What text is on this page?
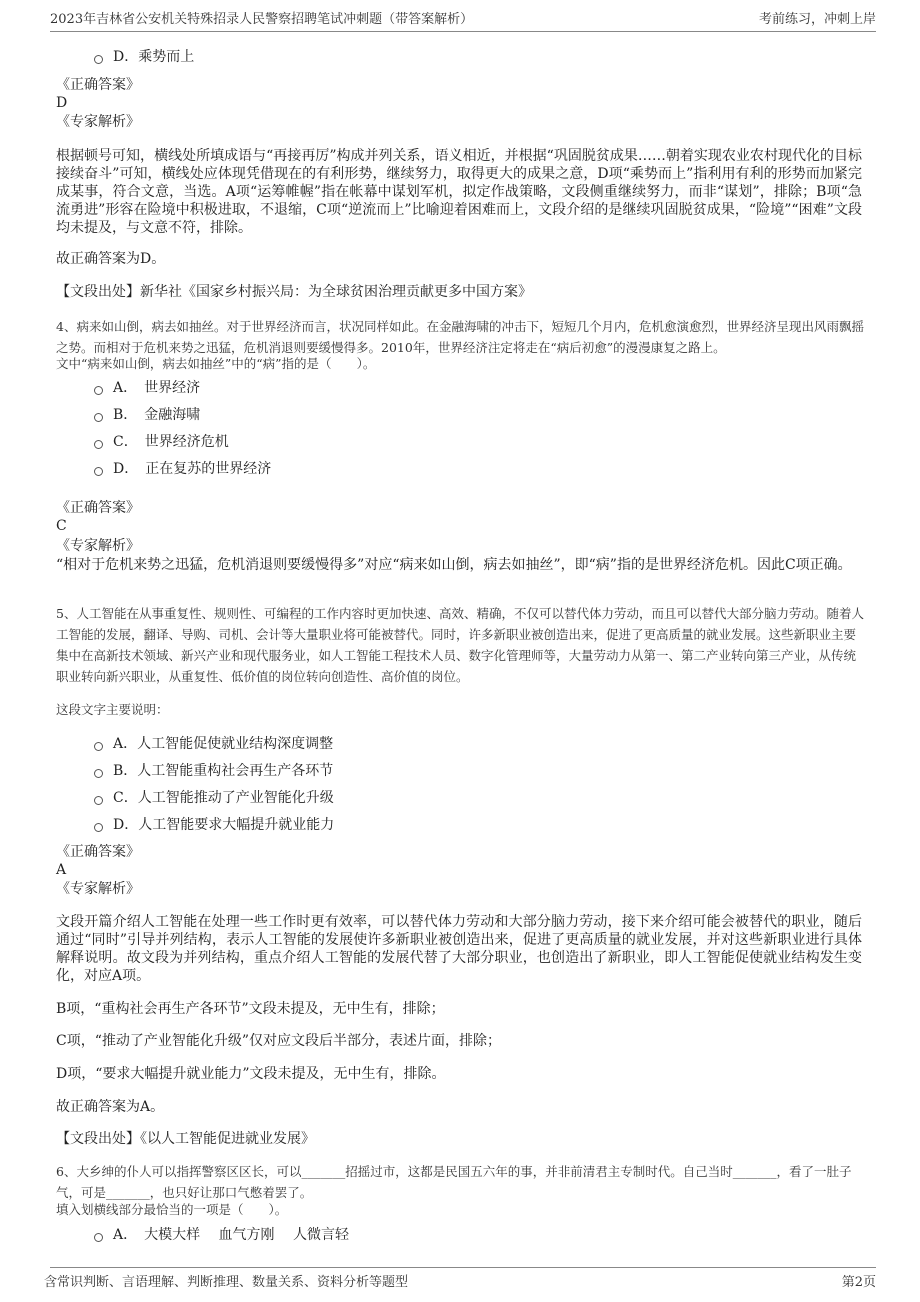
2023年吉林省公安机关特殊招录人民警察招聘笔试冲刺题（带答案解析）	考前练习，冲刺上岸
D．乘势而上
《正确答案》
D
《专家解析》
根据顿号可知，横线处所填成语与“再接再厉”构成并列关系，语义相近，并根据“巩固脱贫成果……朝着实现农业农村现代化的目标接续奋斗”可知，横线处应体现凭借现在的有利形势，继续努力，取得更大的成果之意，D项“乘势而上”指利用有利的形势而加紧完成某事，符合文意，当选。A项“运筹帷幄”指在帐幕中谋划军机，拟定作战策略，文段侧重继续努力，而非“谋划”，排除；B项“急流勇进”形容在险境中积极进取，不退缩，C项“逆流而上”比喻迎着困难而上，文段介绍的是继续巩固脱贫成果，“险境”“困难”文段均未提及，与文意不符，排除。
故正确答案为D。
【文段出处】新华社《国家乡村振兴局：为全球贫困治理贡献更多中国方案》
4、病来如山倒，病去如抽丝。对于世界经济而言，状况同样如此。在金融海啸的冲击下，短短几个月内，危机愈演愈烈，世界经济呈现出风雨飘摇之势。而相对于危机来势之迅猛，危机消退则要缓慢得多。2010年，世界经济注定将走在“病后初愈”的漫漫康复之路上。
文中“病来如山倒，病去如抽丝”中的“病”指的是（　　）。
A．　世界经济
B．　金融海啸
C．　世界经济危机
D．　正在复苏的世界经济
《正确答案》
C
《专家解析》
“相对于危机来势之迅猛，危机消退则要缓慢得多”对应“病来如山倒，病去如抽丝”，即“病”指的是世界经济危机。因此C项正确。
5、人工智能在从事重复性、规则性、可编程的工作内容时更加快速、高效、精确，不仅可以替代体力劳动，而且可以替代大部分脑力劳动。随着人工智能的发展，翻译、导购、司机、会计等大量职业将可能被替代。同时，许多新职业被创造出来，促进了更高质量的就业发展。这些新职业主要集中在高新技术领域、新兴产业和现代服务业，如人工智能工程技术人员、数字化管理师等，大量劳动力从第一、第二产业转向第三产业，从传统职业转向新兴职业，从重复性、低价值的岗位转向创造性、高价值的岗位。
这段文字主要说明：
A．人工智能促使就业结构深度调整
B．人工智能重构社会再生产各环节
C．人工智能推动了产业智能化升级
D．人工智能要求大幅提升就业能力
《正确答案》
A
《专家解析》
文段开篇介绍人工智能在处理一些工作时更有效率，可以替代体力劳动和大部分脑力劳动，接下来介绍可能会被替代的职业，随后通过“同时”引导并列结构，表示人工智能的发展使许多新职业被创造出来，促进了更高质量的就业发展，并对这些新职业进行具体解释说明。故文段为并列结构，重点介绍人工智能的发展代替了大部分职业，也创造出了新职业，即人工智能促使就业结构发生变化，对应A项。
B项，“重构社会再生产各环节”文段未提及，无中生有，排除；
C项，“推动了产业智能化升级”仅对应文段后半部分，表述片面，排除；
D项，“要求大幅提升就业能力”文段未提及，无中生有，排除。
故正确答案为A。
【文段出处】《以人工智能促进就业发展》
6、大乡绅的仆人可以指挥警察区区长，可以_______招摇过市，这都是民国五六年的事，并非前清君主专制时代。自己当时_______，看了一肚子气，可是_______，也只好让那口气憋着罢了。
填入划横线部分最恰当的一项是（　　）。
A．　大模大样　 血气方刚　 人微言轻
含常识判断、言语理解、判断推理、数量关系、资料分析等题型	第2页
